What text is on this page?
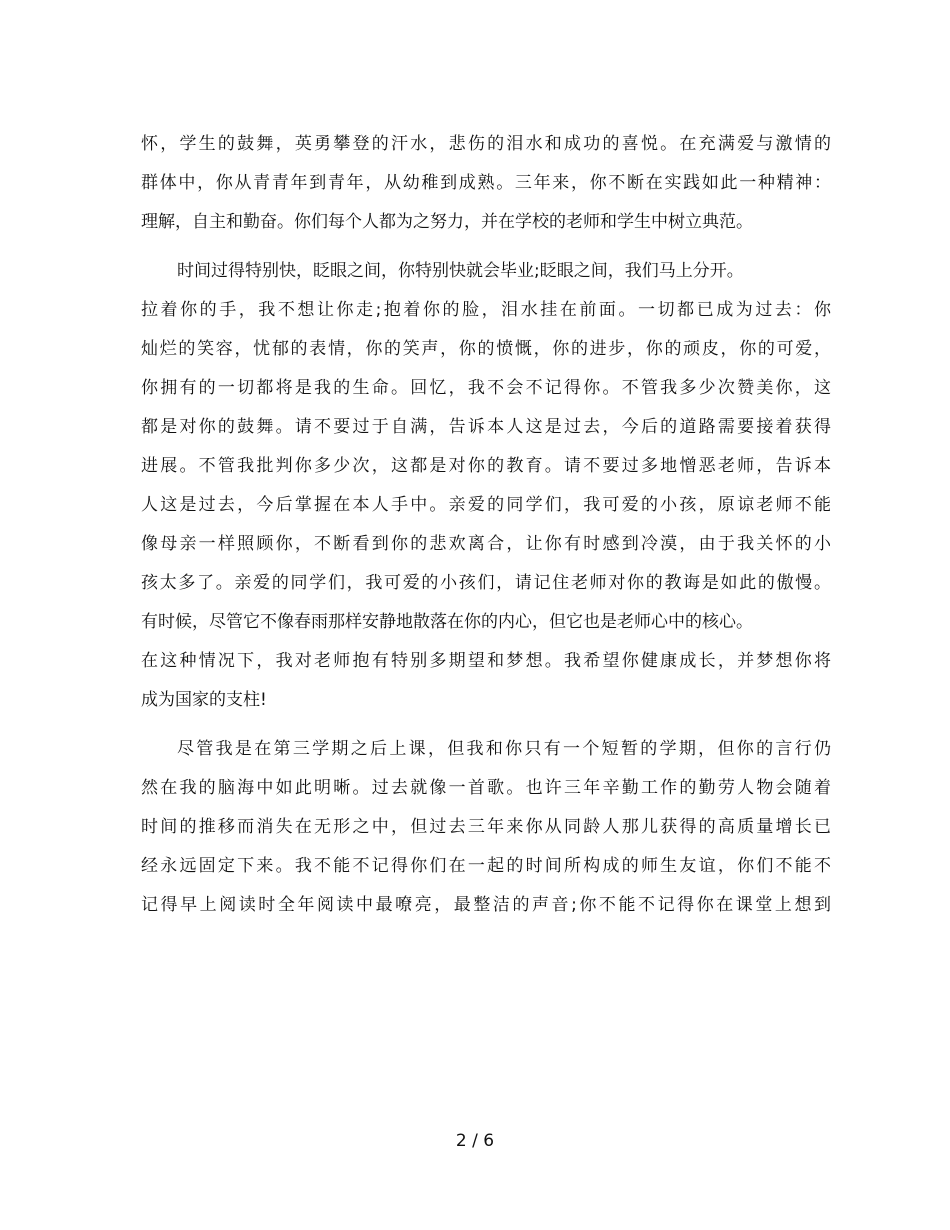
怀，学生的鼓舞，英勇攀登的汗水，悲伤的泪水和成功的喜悦。在充满爱与激情的
群体中，你从青青年到青年，从幼稚到成熟。三年来，你不断在实践如此一种精神：
理解，自主和勤奋。你们每个人都为之努力，并在学校的老师和学生中树立典范。
时间过得特别快，眨眼之间，你特别快就会毕业;眨眼之间，我们马上分开。
拉着你的手，我不想让你走;抱着你的脸，泪水挂在前面。一切都已成为过去：你
灿烂的笑容，忧郁的表情，你的笑声，你的愤慨，你的进步，你的顽皮，你的可爱，
你拥有的一切都将是我的生命。回忆，我不会不记得你。不管我多少次赞美你，这
都是对你的鼓舞。请不要过于自满，告诉本人这是过去，今后的道路需要接着获得
进展。不管我批判你多少次，这都是对你的教育。请不要过多地憎恶老师，告诉本
人这是过去，今后掌握在本人手中。亲爱的同学们，我可爱的小孩，原谅老师不能
像母亲一样照顾你，不断看到你的悲欢离合，让你有时感到冷漠，由于我关怀的小
孩太多了。亲爱的同学们，我可爱的小孩们，请记住老师对你的教诲是如此的傲慢。
有时候，尽管它不像春雨那样安静地散落在你的内心，但它也是老师心中的核心。
在这种情况下，我对老师抱有特别多期望和梦想。我希望你健康成长，并梦想你将
成为国家的支柱!
尽管我是在第三学期之后上课，但我和你只有一个短暂的学期，但你的言行仍
然在我的脑海中如此明晰。过去就像一首歌。也许三年辛勤工作的勤劳人物会随着
时间的推移而消失在无形之中，但过去三年来你从同龄人那儿获得的高质量增长已
经永远固定下来。我不能不记得你们在一起的时间所构成的师生友谊，你们不能不
记得早上阅读时全年阅读中最嘹亮，最整洁的声音;你不能不记得你在课堂上想到
2 / 6
